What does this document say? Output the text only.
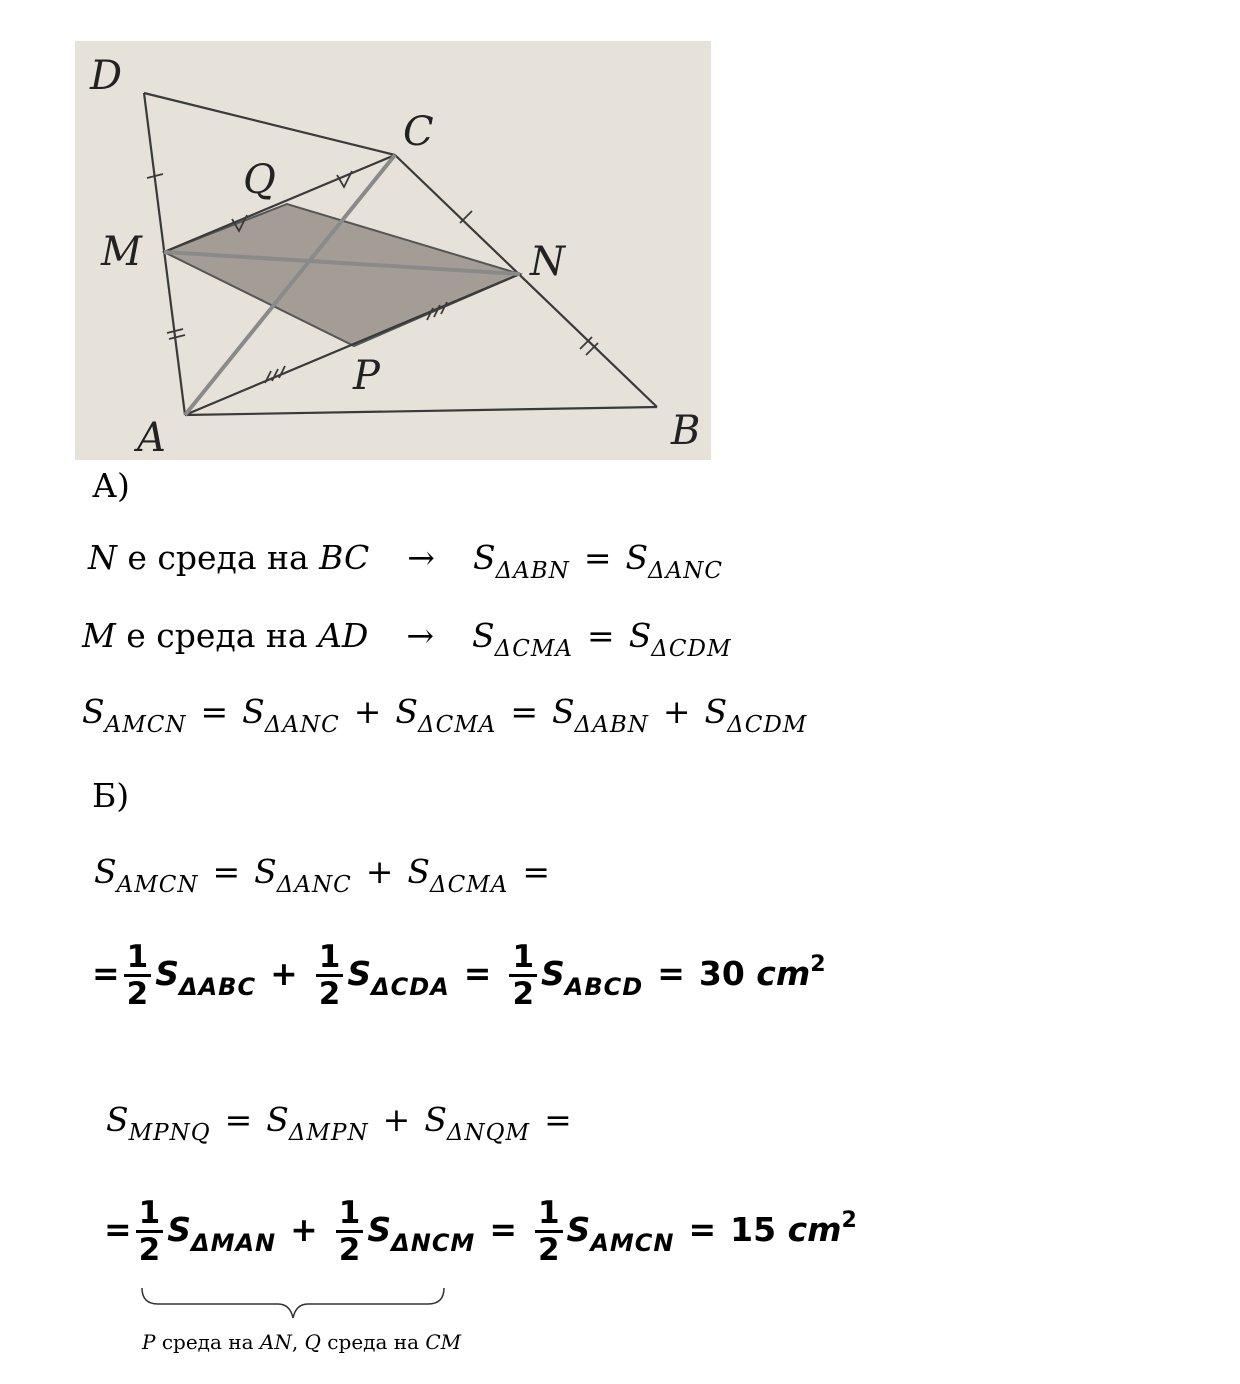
D
C
Q
M	N
P
A	B
А)
N е среда на BC → $S_{\Delta ABN} = S_{\Delta ANC}$
M е среда на AD → $S_{\Delta CMA} = S_{\Delta CDM}$
$S_{AMCN} = S_{\Delta ANC} + S_{\Delta CMA} = S_{\Delta ABN} + S_{\Delta CDM}$
Б)
$S_{AMCN} = S_{\Delta ANC} + S_{\Delta CMA}$ =
= $\frac{1}{2} S_{\Delta ABC} + \frac{1}{2} S_{\Delta CDA} = \frac{1}{2} S_{ABCD} = 30$ $cm^2$
$S_{MPNQ} = S_{\Delta MPN} + S_{\Delta NQM}$ =
= $\frac{1}{2} S_{\Delta MAN} + \frac{1}{2} S_{\Delta NCM} = \frac{1}{2} S_{AMCN} = 15$ $cm^2$
P среда на AN, Q среда на CM
